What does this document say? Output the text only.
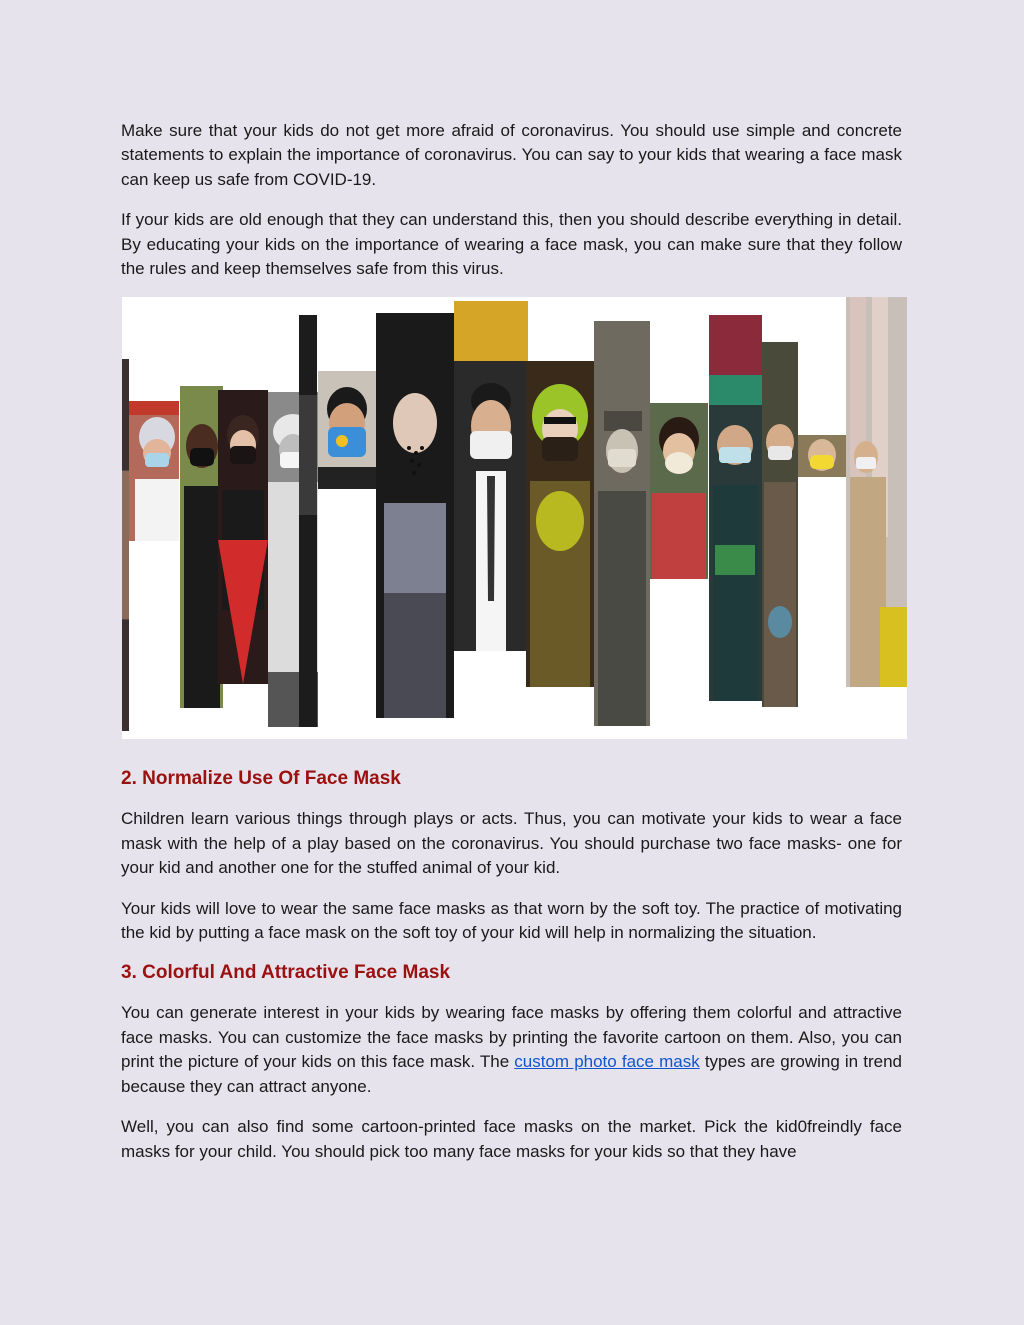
Make sure that your kids do not get more afraid of coronavirus. You should use simple and concrete statements to explain the importance of coronavirus. You can say to your kids that wearing a face mask can keep us safe from COVID-19.

If your kids are old enough that they can understand this, then you should describe everything in detail. By educating your kids on the importance of wearing a face mask, you can make sure that they follow the rules and keep themselves safe from this virus.

2. Normalize Use Of Face Mask

Children learn various things through plays or acts. Thus, you can motivate your kids to wear a face mask with the help of a play based on the coronavirus. You should purchase two face masks- one for your kid and another one for the stuffed animal of your kid.

Your kids will love to wear the same face masks as that worn by the soft toy. The practice of motivating the kid by putting a face mask on the soft toy of your kid will help in normalizing the situation.

3. Colorful And Attractive Face Mask

You can generate interest in your kids by wearing face masks by offering them colorful and attractive face masks. You can customize the face masks by printing the favorite cartoon on them. Also, you can print the picture of your kids on this face mask. The custom photo face mask types are growing in trend because they can attract anyone.

Well, you can also find some cartoon-printed face masks on the market. Pick the kid0freindly face masks for your child. You should pick too many face masks for your kids so that they have
